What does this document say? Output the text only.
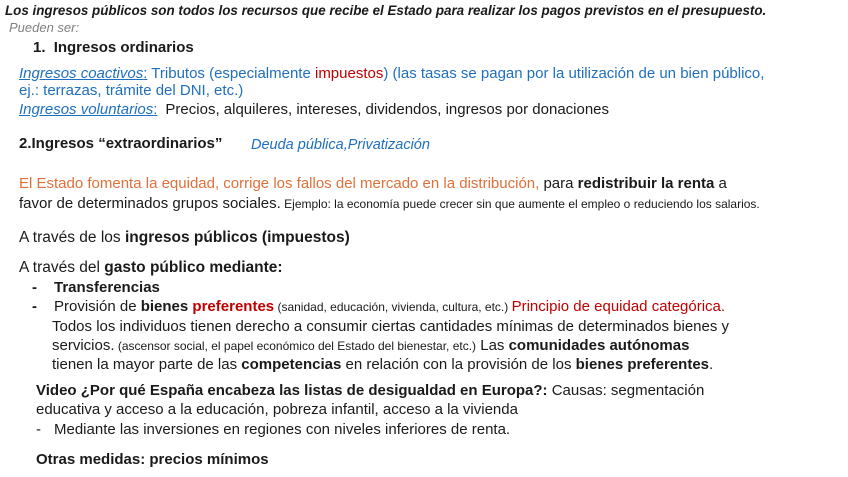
Los ingresos públicos son todos los recursos que recibe el Estado para realizar los pagos previstos en el presupuesto.
Pueden ser:
1. Ingresos ordinarios
Ingresos coactivos: Tributos (especialmente impuestos) (las tasas se pagan por la utilización de un bien público,
ej.: terrazas, trámite del DNI, etc.)
Ingresos voluntarios: Precios, alquileres, intereses, dividendos, ingresos por donaciones
2.Ingresos “extraordinarios” Deuda pública,Privatización
El Estado fomenta la equidad, corrige los fallos del mercado en la distribución, para redistribuir la renta a
favor de determinados grupos sociales. Ejemplo: la economía puede crecer sin que aumente el empleo o reduciendo los salarios.
A través de los ingresos públicos (impuestos)
A través del gasto público mediante:
- Transferencias
- Provisión de bienes preferentes (sanidad, educación, vivienda, cultura, etc.) Principio de equidad categórica.
Todos los individuos tienen derecho a consumir ciertas cantidades mínimas de determinados bienes y
servicios. (ascensor social, el papel económico del Estado del bienestar, etc.) Las comunidades autónomas
tienen la mayor parte de las competencias en relación con la provisión de los bienes preferentes.
Video ¿Por qué España encabeza las listas de desigualdad en Europa?: Causas: segmentación
educativa y acceso a la educación, pobreza infantil, acceso a la vivienda
- Mediante las inversiones en regiones con niveles inferiores de renta.
Otras medidas: precios mínimos
